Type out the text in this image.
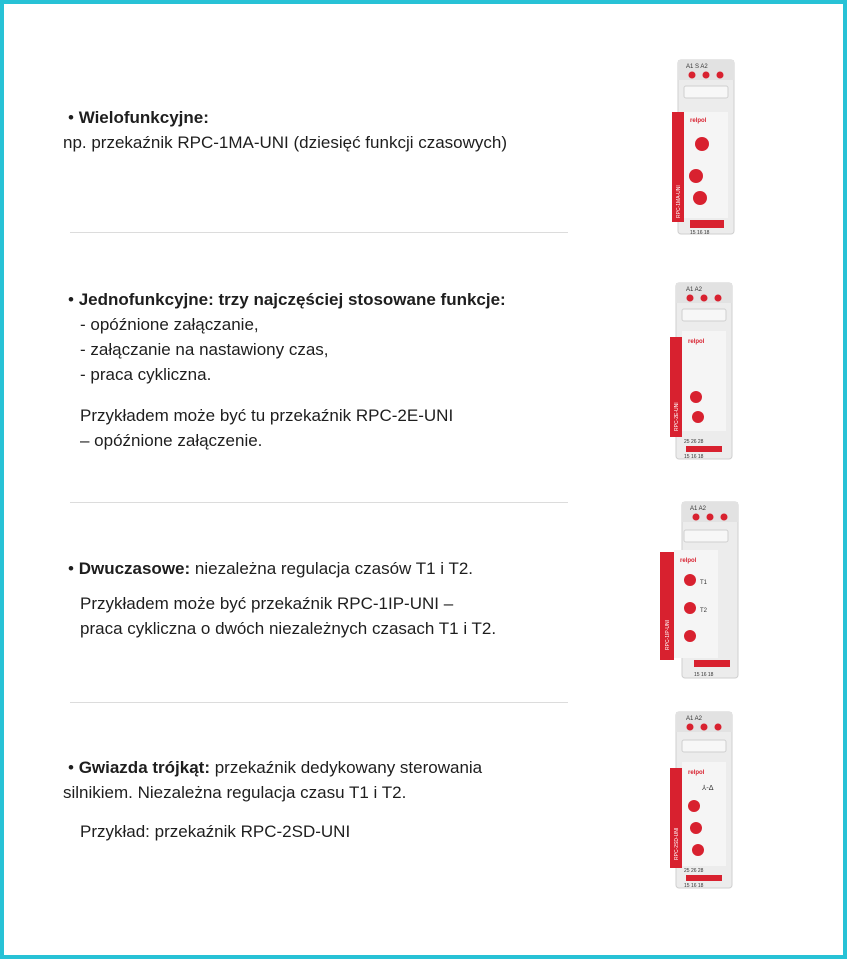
• Wielofunkcyjne:
np. przekaźnik RPC-1MA-UNI (dziesięć funkcji czasowych)
• Jednofunkcyjne: trzy najczęściej stosowane funkcje:
- opóźnione załączanie,
- załączanie na nastawiony czas,
- praca cykliczna.
Przykładem może być tu przekaźnik RPC-2E-UNI
– opóźnione załączenie.
• Dwuczasowe: niezależna regulacja czasów T1 i T2.
Przykładem może być przekaźnik RPC-1IP-UNI –
praca cykliczna o dwóch niezależnych czasach T1 i T2.
• Gwiazda trójkąt: przekaźnik dedykowany sterowania
silnikiem. Niezależna regulacja czasu T1 i T2.
Przykład: przekaźnik RPC-2SD-UNI
A1 S A2
RPC-1MA-UNI
relpol
15 16 18
A1 A2
RPC-2E-UNI
relpol
25 26 28
15 16 18
A1 A2
RPC-1IP-UNI
relpol
T1
T2
15 16 18
A1 A2
RPC-2SD-UNI
relpol
⅄-Δ
25 26 28
15 16 18
